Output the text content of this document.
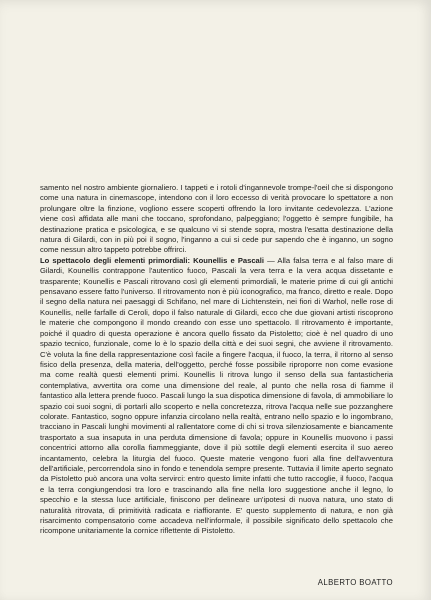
samento nel nostro ambiente giornaliero. I tappeti e i rotoli d'ingannevole trompe-l'oeil che si dispongono come una natura in cinemascope, intendono con il loro eccesso di verità provocare lo spettatore a non prolungare oltre la finzione, vogliono essere scoperti offrendo la loro invitante cedevolezza. L'azione viene così affidata alle mani che toccano, sprofondano, palpeggiano; l'oggetto è sempre fungibile, ha destinazione pratica e psicologica, e se qualcuno vi si stende sopra, mostra l'esatta destinazione della natura di Gilardi, con in più poi il sogno, l'inganno a cui si cede pur sapendo che è inganno, un sogno come nessun altro tappeto potrebbe offrirci.

Lo spettacolo degli elementi primordiali: Kounellis e Pascali — Alla falsa terra e al falso mare di Gilardi, Kounellis contrappone l'autentico fuoco, Pascali la vera terra e la vera acqua dissetante e trasparente; Kounellis e Pascali ritrovano così gli elementi primordiali, le materie prime di cui gli antichi pensavano essere fatto l'universo. Il ritrovamento non è più iconografico, ma franco, diretto e reale. Dopo il segno della natura nei paesaggi di Schifano, nel mare di Lichtenstein, nei fiori di Warhol, nelle rose di Kounellis, nelle farfalle di Ceroli, dopo il falso naturale di Gilardi, ecco che due giovani artisti riscoprono le materie che compongono il mondo creando con esse uno spettacolo. Il ritrovamento è importante, poiché il quadro di questa operazione è ancora quello fissato da Pistoletto; cioè è nel quadro di uno spazio tecnico, funzionale, come lo è lo spazio della città e dei suoi segni, che avviene il ritrovamento. C'è voluta la fine della rappresentazione così facile a fingere l'acqua, il fuoco, la terra, il ritorno al senso fisico della presenza, della materia, dell'oggetto, perché fosse possibile riproporre non come evasione ma come realtà questi elementi primi. Kounellis li ritrova lungo il senso della sua fantasticheria contemplativa, avvertita ora come una dimensione del reale, al punto che nella rosa di fiamme il fantastico alla lettera prende fuoco. Pascali lungo la sua dispotica dimensione di favola, di ammobiliare lo spazio coi suoi sogni, di portarli allo scoperto e nella concretezza, ritrova l'acqua nelle sue pozzanghere colorate. Fantastico, sogno oppure infanzia circolano nella realtà, entrano nello spazio e lo ingombrano, tracciano in Pascali lunghi movimenti al rallentatore come di chi si trova silenziosamente e biancamente trasportato a sua insaputa in una perduta dimensione di favola; oppure in Kounellis muovono i passi concentrici attorno alla corolla fiammeggiante, dove il più sottile degli elementi esercita il suo aereo incantamento, celebra la liturgia del fuoco. Queste materie vengono fuori alla fine dell'avventura dell'artificiale, percorrendola sino in fondo e tenendola sempre presente. Tuttavia il limite aperto segnato da Pistoletto può ancora una volta servirci: entro questo limite infatti che tutto raccoglie, il fuoco, l'acqua e la terra congiungendosi tra loro e trascinando alla fine nella loro suggestione anche il legno, lo specchio e la stessa luce artificiale, finiscono per delineare un'ipotesi di nuova natura, uno stato di naturalità ritrovata, di primitività radicata e riaffiorante. E' questo supplemento di natura, e non già risarcimento compensatorio come accadeva nell'informale, il possibile significato dello spettacolo che ricompone unitariamente la cornice riflettente di Pistoletto.

ALBERTO BOATTO
